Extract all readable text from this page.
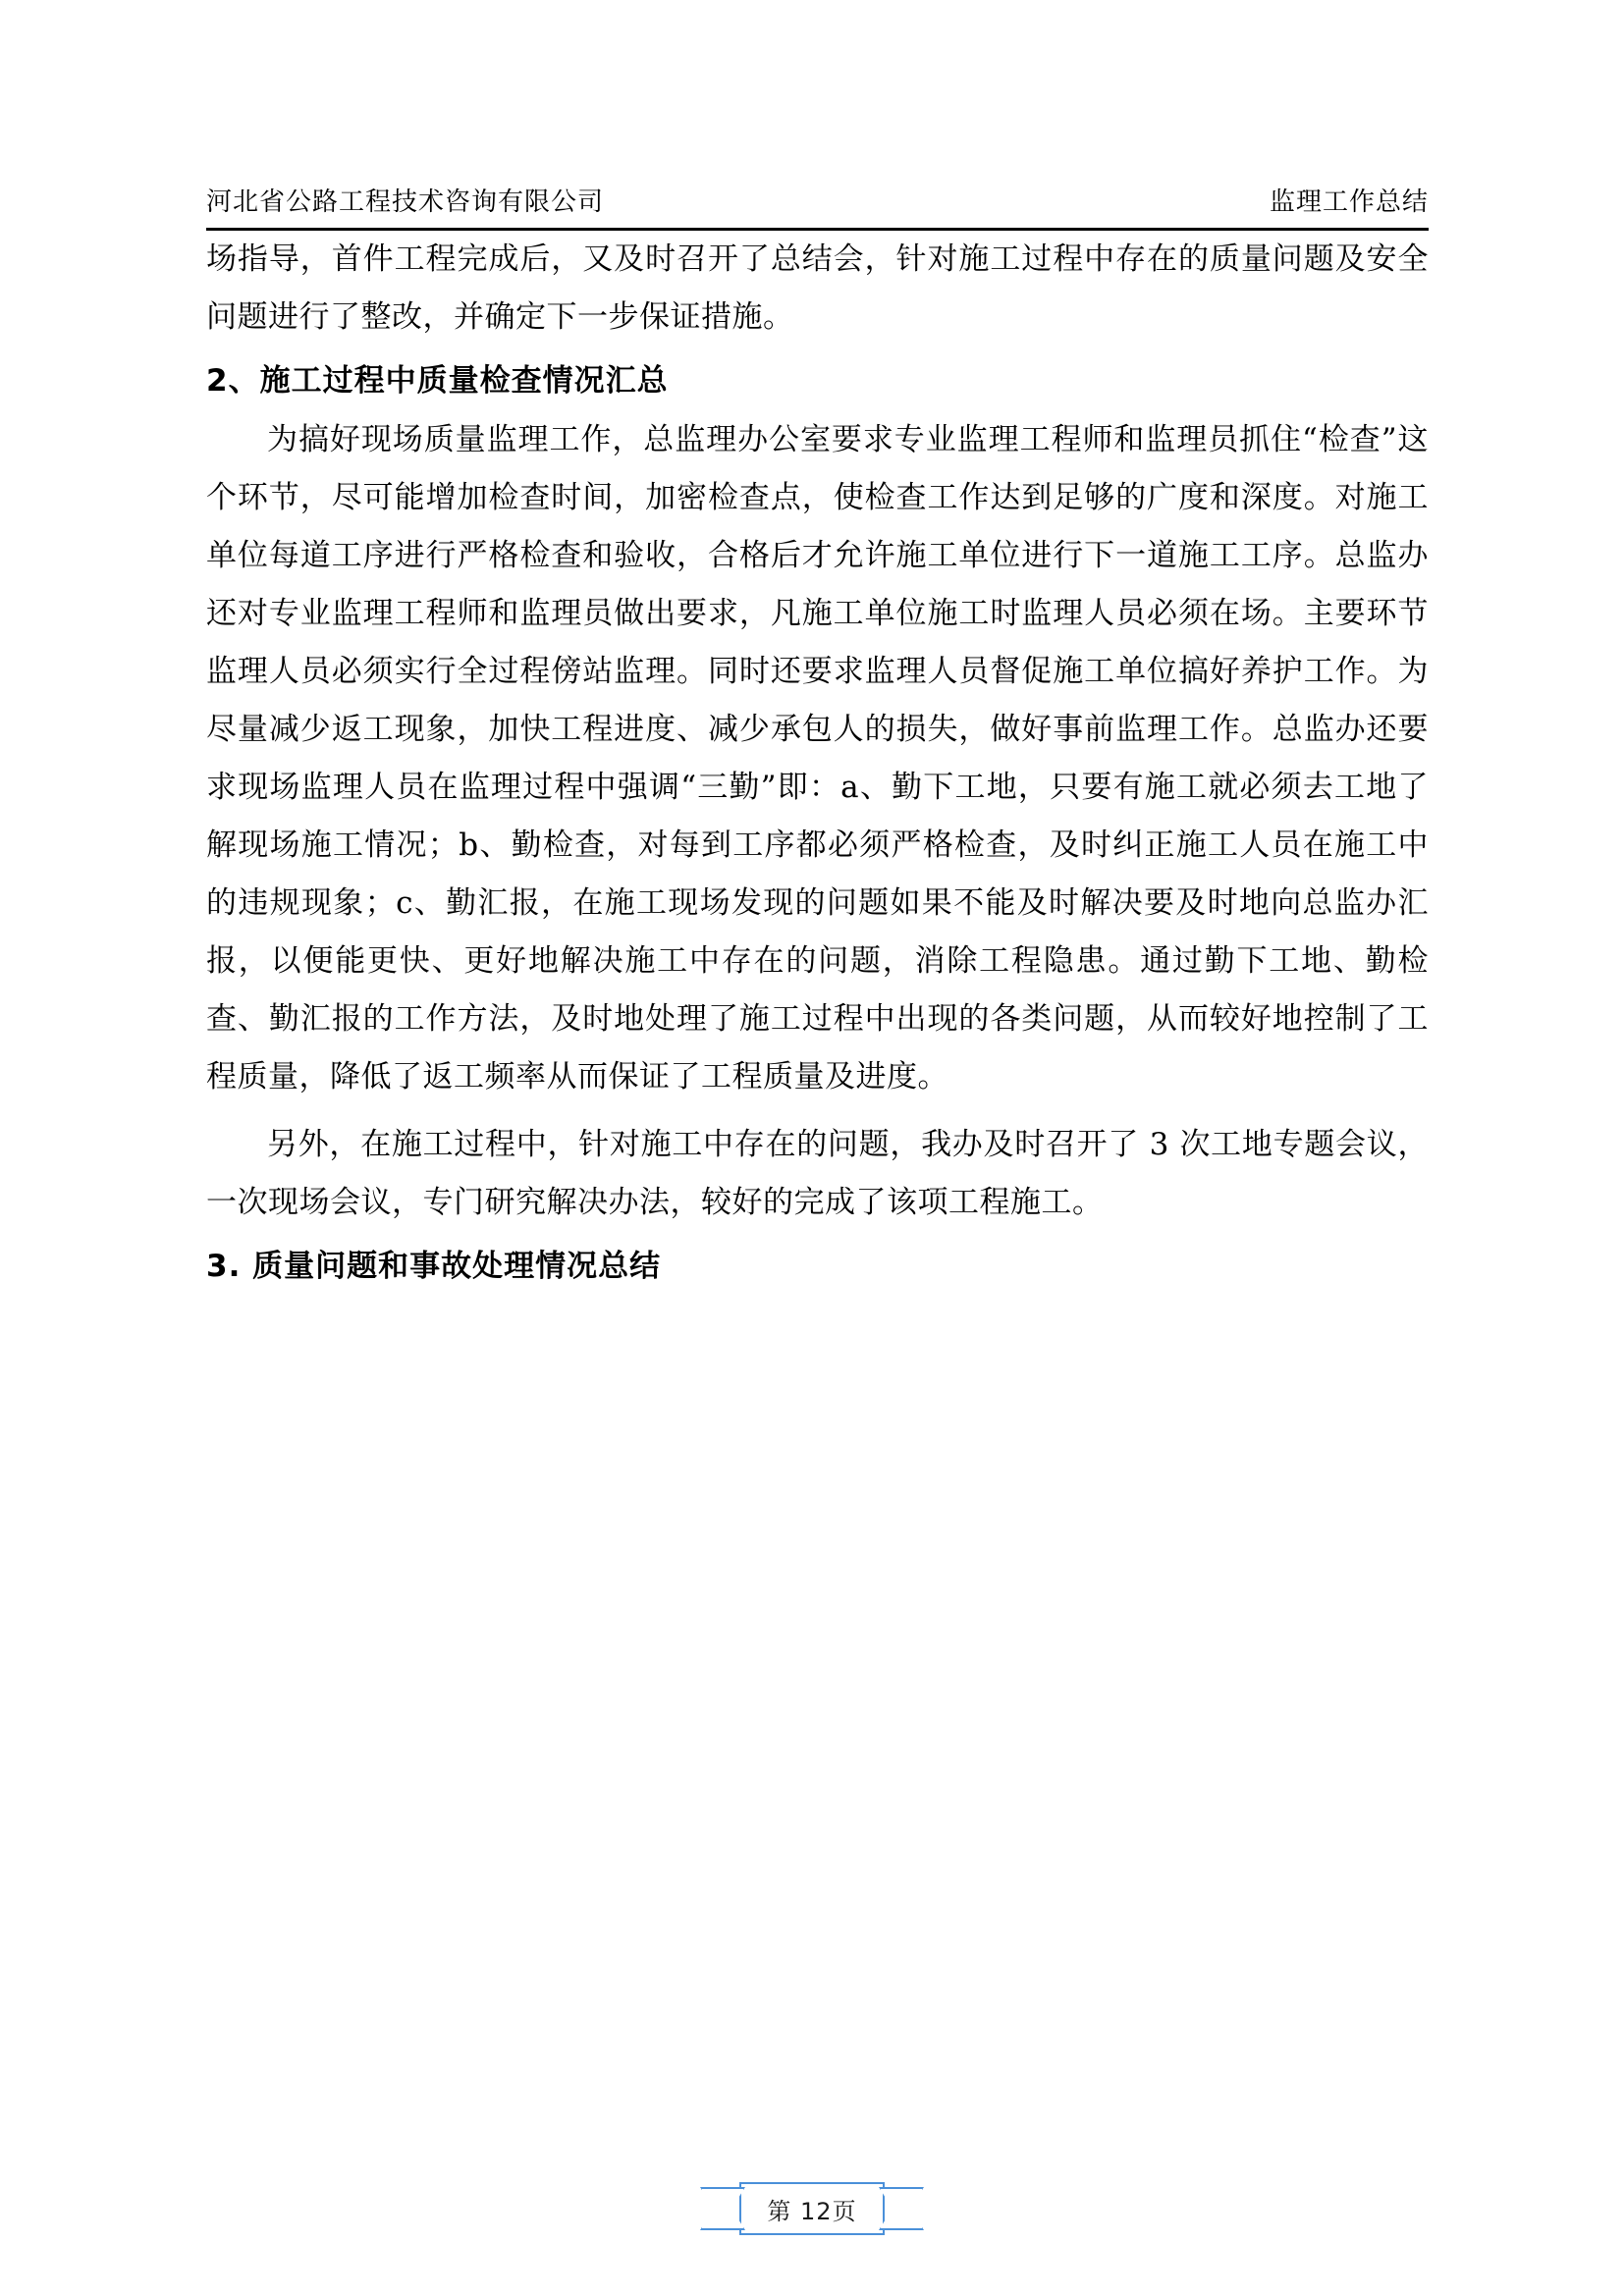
河北省公路工程技术咨询有限公司	监理工作总结

场指导，首件工程完成后，又及时召开了总结会，针对施工过程中存在的质量问题及安全问题进行了整改，并确定下一步保证措施。

2、施工过程中质量检查情况汇总

为搞好现场质量监理工作，总监理办公室要求专业监理工程师和监理员抓住“检查”这个环节，尽可能增加检查时间，加密检查点，使检查工作达到足够的广度和深度。对施工单位每道工序进行严格检查和验收，合格后才允许施工单位进行下一道施工工序。总监办还对专业监理工程师和监理员做出要求，凡施工单位施工时监理人员必须在场。主要环节监理人员必须实行全过程傍站监理。同时还要求监理人员督促施工单位搞好养护工作。为尽量减少返工现象，加快工程进度、减少承包人的损失，做好事前监理工作。总监办还要求现场监理人员在监理过程中强调“三勤”即：a、勤下工地，只要有施工就必须去工地了解现场施工情况；b、勤检查，对每到工序都必须严格检查，及时纠正施工人员在施工中的违规现象；c、勤汇报，在施工现场发现的问题如果不能及时解决要及时地向总监办汇报，以便能更快、更好地解决施工中存在的问题，消除工程隐患。通过勤下工地、勤检查、勤汇报的工作方法，及时地处理了施工过程中出现的各类问题，从而较好地控制了工程质量，降低了返工频率从而保证了工程质量及进度。

另外，在施工过程中，针对施工中存在的问题，我办及时召开了 3 次工地专题会议，一次现场会议，专门研究解决办法，较好的完成了该项工程施工。

3. 质量问题和事故处理情况总结
第 12页
